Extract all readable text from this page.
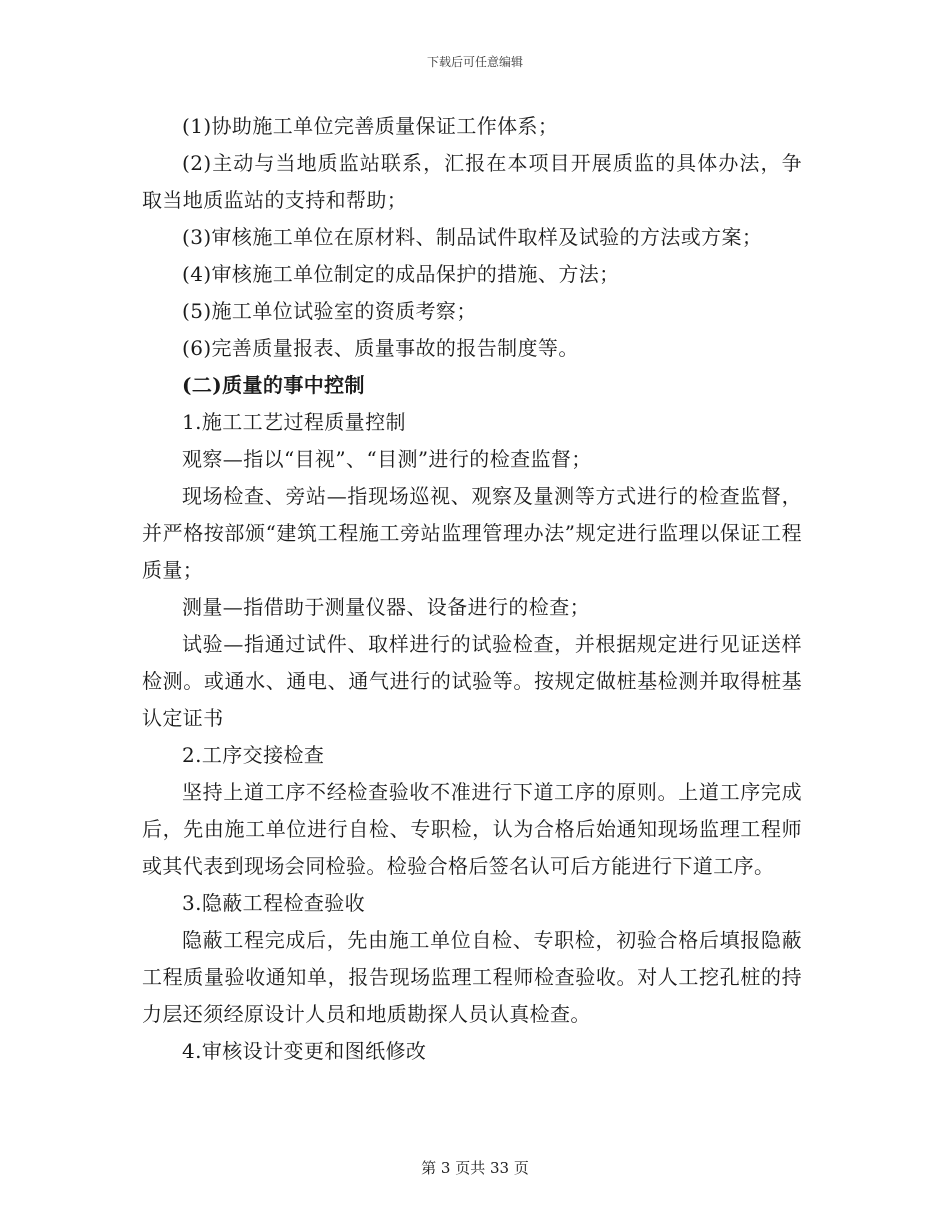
下载后可任意编辑

(1)协助施工单位完善质量保证工作体系；

(2)主动与当地质监站联系，汇报在本项目开展质监的具体办法，争取当地质监站的支持和帮助；

(3)审核施工单位在原材料、制品试件取样及试验的方法或方案；

(4)审核施工单位制定的成品保护的措施、方法；

(5)施工单位试验室的资质考察；

(6)完善质量报表、质量事故的报告制度等。

(二)质量的事中控制

1.施工工艺过程质量控制

观察—指以“目视”、“目测”进行的检查监督；

现场检查、旁站—指现场巡视、观察及量测等方式进行的检查监督，并严格按部颁“建筑工程施工旁站监理管理办法”规定进行监理以保证工程质量；

测量—指借助于测量仪器、设备进行的检查；

试验—指通过试件、取样进行的试验检查，并根据规定进行见证送样检测。或通水、通电、通气进行的试验等。按规定做桩基检测并取得桩基认定证书

2.工序交接检查

坚持上道工序不经检查验收不准进行下道工序的原则。上道工序完成后，先由施工单位进行自检、专职检，认为合格后始通知现场监理工程师或其代表到现场会同检验。检验合格后签名认可后方能进行下道工序。

3.隐蔽工程检查验收

隐蔽工程完成后，先由施工单位自检、专职检，初验合格后填报隐蔽工程质量验收通知单，报告现场监理工程师检查验收。对人工挖孔桩的持力层还须经原设计人员和地质勘探人员认真检查。

4.审核设计变更和图纸修改

第 3 页共 33 页
